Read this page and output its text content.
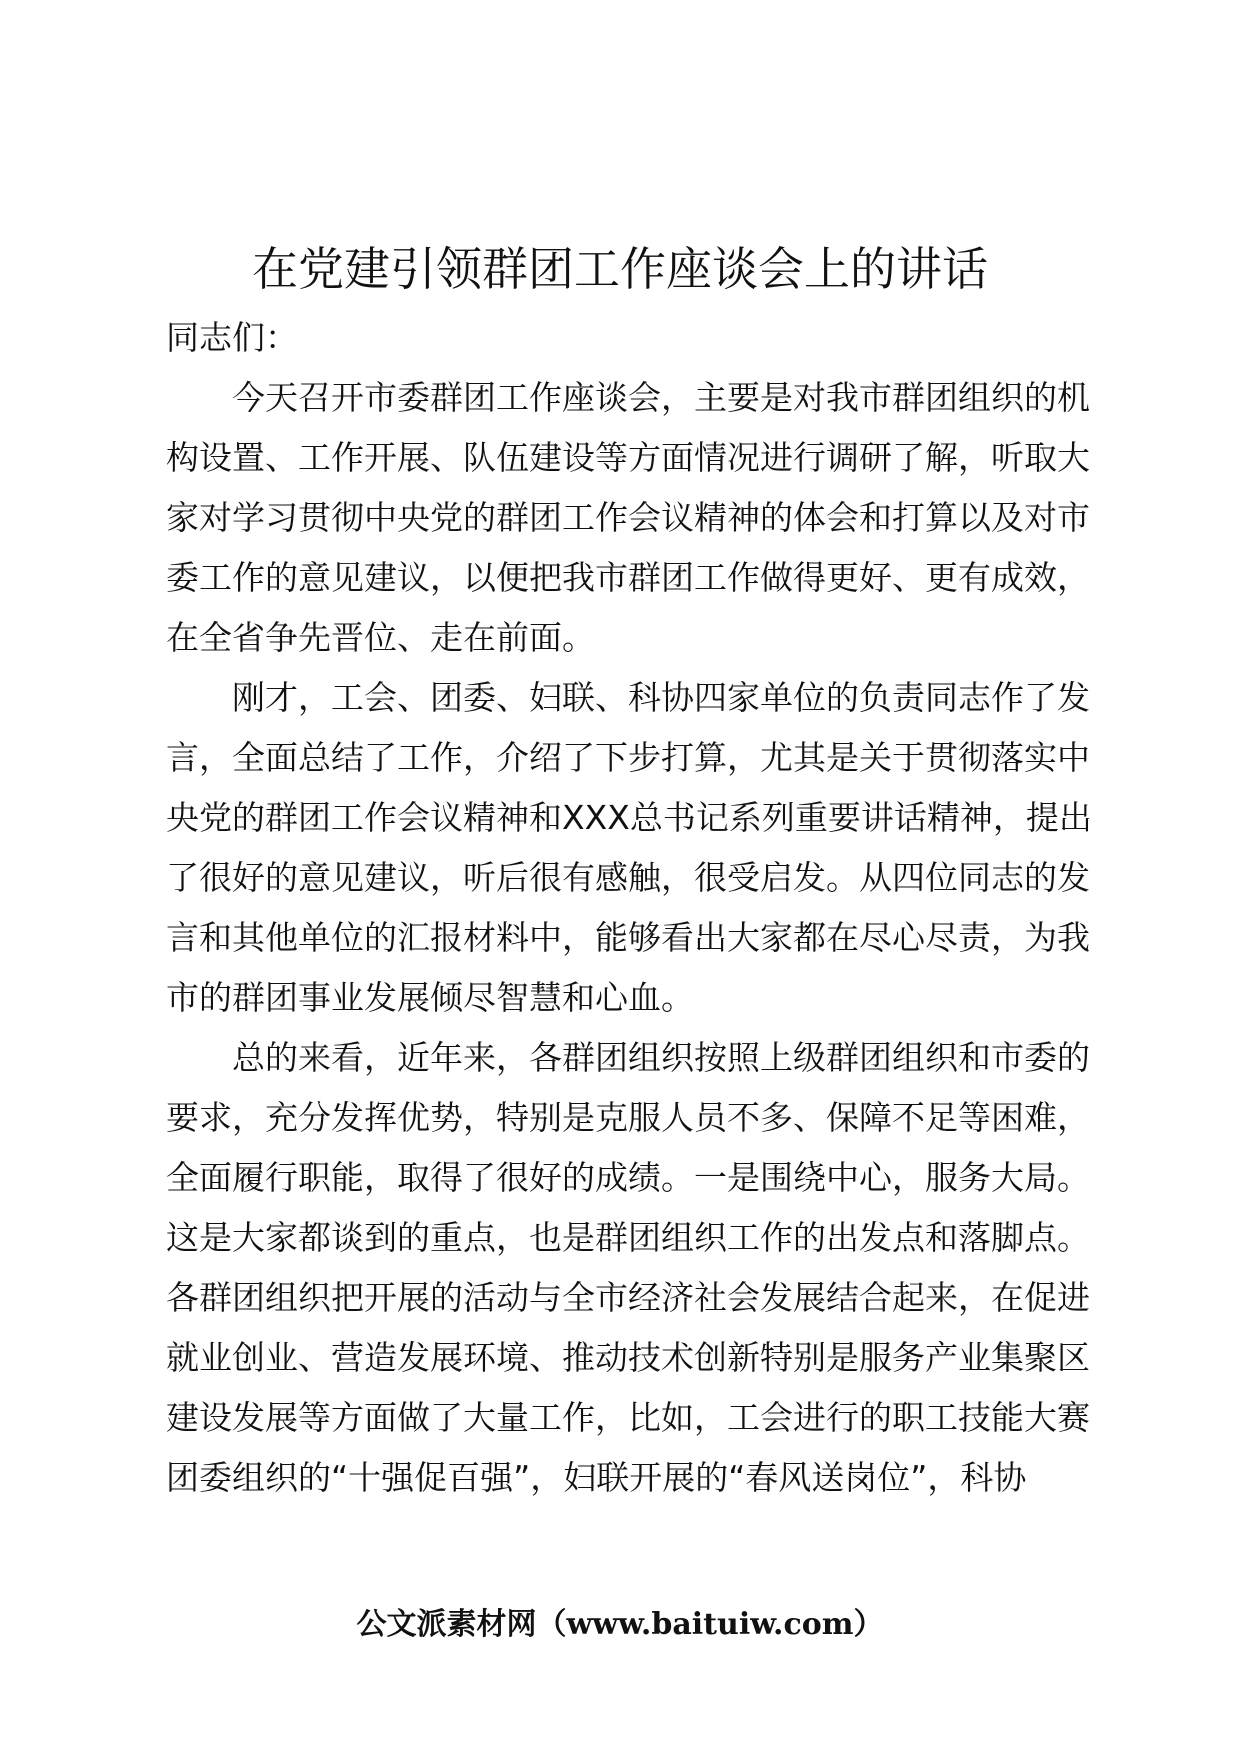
在党建引领群团工作座谈会上的讲话
同志们：
今天召开市委群团工作座谈会，主要是对我市群团组织的机
构设置、工作开展、队伍建设等方面情况进行调研了解，听取大
家对学习贯彻中央党的群团工作会议精神的体会和打算以及对市
委工作的意见建议，以便把我市群团工作做得更好、更有成效，
在全省争先晋位、走在前面。
刚才，工会、团委、妇联、科协四家单位的负责同志作了发
言，全面总结了工作，介绍了下步打算，尤其是关于贯彻落实中
央党的群团工作会议精神和XXX总书记系列重要讲话精神，提出
了很好的意见建议，听后很有感触，很受启发。从四位同志的发
言和其他单位的汇报材料中，能够看出大家都在尽心尽责，为我
市的群团事业发展倾尽智慧和心血。
总的来看，近年来，各群团组织按照上级群团组织和市委的
要求，充分发挥优势，特别是克服人员不多、保障不足等困难，
全面履行职能，取得了很好的成绩。一是围绕中心，服务大局。
这是大家都谈到的重点，也是群团组织工作的出发点和落脚点。
各群团组织把开展的活动与全市经济社会发展结合起来，在促进
就业创业、营造发展环境、推动技术创新特别是服务产业集聚区
建设发展等方面做了大量工作，比如，工会进行的职工技能大赛
团委组织的“十强促百强”，妇联开展的“春风送岗位”，科协
公文派素材网（www.baituiw.com）
